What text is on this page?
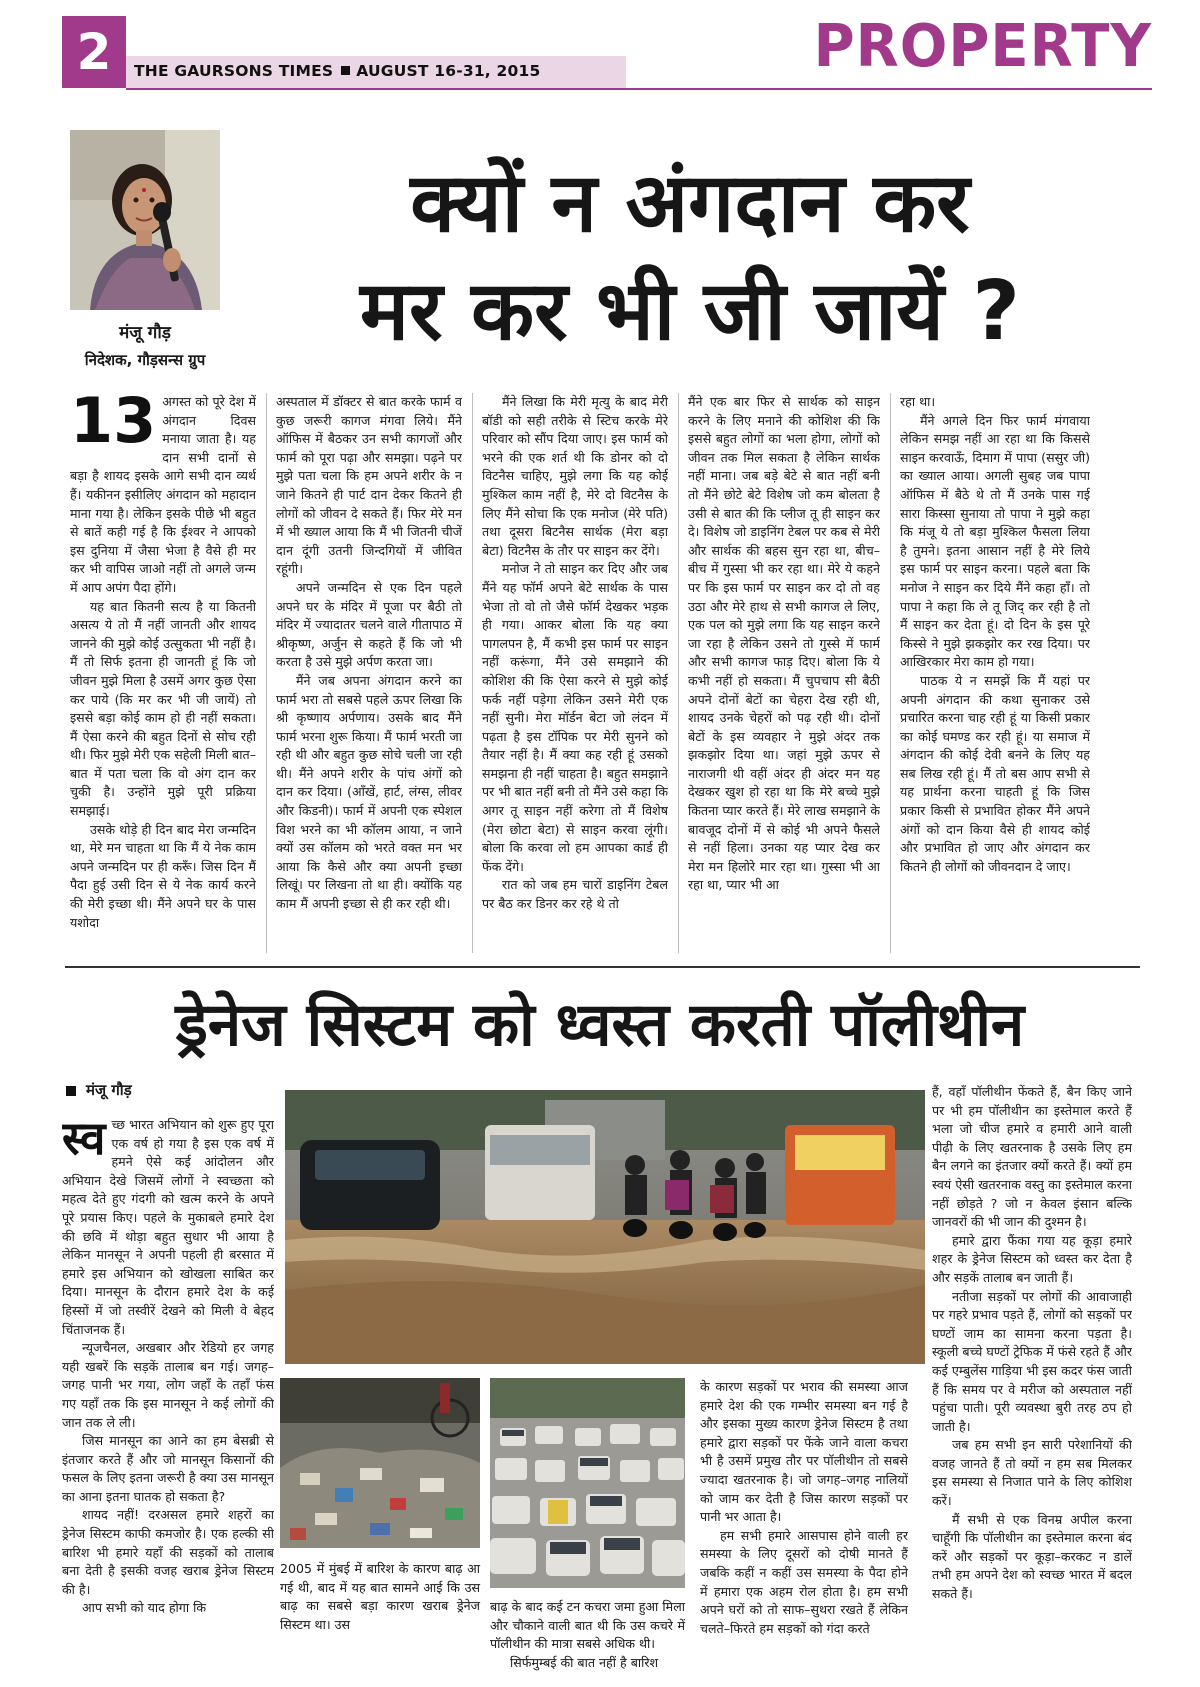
2	THE GAURSONS TIMES AUGUST 16-31, 2015	PROPERTY
मंजू गौड़
निदेशक, गौड़सन्स ग्रुप
क्यों न अंगदान कर
मर कर भी जी जायें ?

13 अगस्त को पूरे देश में अंगदान दिवस मनाया जाता है। यह दान सभी दानों से बड़ा है शायद इसके आगे सभी दान व्यर्थ हैं। यकीनन इसीलिए अंगदान को महादान माना गया है। लेकिन इसके पीछे भी बहुत से बातें कही गई है कि ईश्वर ने आपको इस दुनिया में जैसा भेजा है वैसे ही मर कर भी वापिस जाओ नहीं तो अगले जन्म में आप अपंग पैदा होंगे।

यह बात कितनी सत्य है या कितनी असत्य ये तो मैं नहीं जानती और शायद जानने की मुझे कोई उत्सुकता भी नहीं है। मैं तो सिर्फ इतना ही जानती हूं कि जो जीवन मुझे मिला है उसमें अगर कुछ ऐसा कर पाये (कि मर कर भी जी जायें) तो इससे बड़ा कोई काम हो ही नहीं सकता। मैं ऐसा करने की बहुत दिनों से सोच रही थी। फिर मुझे मेरी एक सहेली मिली बात–बात में पता चला कि वो अंग दान कर चुकी है। उन्होंने मुझे पूरी प्रक्रिया समझाई।

उसके थोड़े ही दिन बाद मेरा जन्मदिन था, मेरे मन चाहता था कि मैं ये नेक काम अपने जन्मदिन पर ही करूँ। जिस दिन मैं पैदा हुई उसी दिन से ये नेक कार्य करने की मेरी इच्छा थी। मैंने अपने घर के पास यशोदा

अस्पताल में डॉक्टर से बात करके फार्म व कुछ जरूरी कागज मंगवा लिये। मैंने ऑफिस में बैठकर उन सभी कागजों और फार्म को पूरा पढ़ा और समझा। पढ़ने पर मुझे पता चला कि हम अपने शरीर के न जाने कितने ही पार्ट दान देकर कितने ही लोगों को जीवन दे सकते हैं। फिर मेरे मन में भी ख्याल आया कि मैं भी जितनी चीजें दान दूंगी उतनी जिन्दगियों में जीवित रहूंगी।

अपने जन्मदिन से एक दिन पहले अपने घर के मंदिर में पूजा पर बैठी तो मंदिर में ज्यादातर चलने वाले गीतापाठ में श्रीकृष्ण, अर्जुन से कहते हैं कि जो भी करता है उसे मुझे अर्पण करता जा।

मैंने जब अपना अंगदान करने का फार्म भरा तो सबसे पहले ऊपर लिखा कि श्री कृष्णाय अर्पणाय। उसके बाद मैंने फार्म भरना शुरू किया। मैं फार्म भरती जा रही थी और बहुत कुछ सोचे चली जा रही थी। मैंने अपने शरीर के पांच अंगों को दान कर दिया। (आँखें, हार्ट, लंग्स, लीवर और किडनी)। फार्म में अपनी एक स्पेशल विश भरने का भी कॉलम आया, न जाने क्यों उस कॉलम को भरते वक्त मन भर आया कि कैसे और क्या अपनी इच्छा लिखूं। पर लिखना तो था ही। क्योंकि यह काम मैं अपनी इच्छा से ही कर रही थी।

मैंने लिखा कि मेरी मृत्यु के बाद मेरी बॉडी को सही तरीके से स्टिच करके मेरे परिवार को सौंप दिया जाए। इस फार्म को भरने की एक शर्त थी कि डोनर को दो विटनैस चाहिए, मुझे लगा कि यह कोई मुश्किल काम नहीं है, मेरे दो विटनैस के लिए मैंने सोचा कि एक मनोज (मेरे पति) तथा दूसरा बिटनैस सार्थक (मेरा बड़ा बेटा) विटनैस के तौर पर साइन कर देंगे।

मनोज ने तो साइन कर दिए और जब मैंने यह फॉर्म अपने बेटे सार्थक के पास भेजा तो वो तो जैसे फॉर्म देखकर भड़क ही गया। आकर बोला कि यह क्या पागलपन है, मैं कभी इस फार्म पर साइन नहीं करूंगा, मैंने उसे समझाने की कोशिश की कि ऐसा करने से मुझे कोई फर्क नहीं पड़ेगा लेकिन उसने मेरी एक नहीं सुनी। मेरा मॉर्डन बेटा जो लंदन में पढ़ता है इस टॉपिक पर मेरी सुनने को तैयार नहीं है। मैं क्या कह रही हूं उसको समझना ही नहीं चाहता है। बहुत समझाने पर भी बात नहीं बनी तो मैंने उसे कहा कि अगर तू साइन नहीं करेगा तो मैं विशेष (मेरा छोटा बेटा) से साइन करवा लूंगी। बोला कि करवा लो हम आपका कार्ड ही फेंक देंगे।

रात को जब हम चारों डाइनिंग टेबल पर बैठ कर डिनर कर रहे थे तो

मैंने एक बार फिर से सार्थक को साइन करने के लिए मनाने की कोशिश की कि इससे बहुत लोगों का भला होगा, लोगों को जीवन तक मिल सकता है लेकिन सार्थक नहीं माना। जब बड़े बेटे से बात नहीं बनी तो मैंने छोटे बेटे विशेष जो कम बोलता है उसी से बात की कि प्लीज तू ही साइन कर दे। विशेष जो डाइनिंग टेबल पर कब से मेरी और सार्थक की बहस सुन रहा था, बीच–बीच में गुस्सा भी कर रहा था। मेरे ये कहने पर कि इस फार्म पर साइन कर दो तो वह उठा और मेरे हाथ से सभी कागज ले लिए, एक पल को मुझे लगा कि यह साइन करने जा रहा है लेकिन उसने तो गुस्से में फार्म और सभी कागज फाड़ दिए। बोला कि ये कभी नहीं हो सकता। मैं चुपचाप सी बैठी अपने दोनों बेटों का चेहरा देख रही थी, शायद उनके चेहरों को पढ़ रही थी। दोनों बेटों के इस व्यवहार ने मुझे अंदर तक झकझोर दिया था। जहां मुझे ऊपर से नाराजगी थी वहीं अंदर ही अंदर मन यह देखकर खुश हो रहा था कि मेरे बच्चे मुझे कितना प्यार करते हैं। मेरे लाख समझाने के बावजूद दोनों में से कोई भी अपने फैसले से नहीं हिला। उनका यह प्यार देख कर मेरा मन हिलोरे मार रहा था। गुस्सा भी आ रहा था, प्यार भी आ

रहा था।

मैंने अगले दिन फिर फार्म मंगवाया लेकिन समझ नहीं आ रहा था कि किससे साइन करवाऊँ, दिमाग में पापा (ससुर जी) का ख्याल आया। अगली सुबह जब पापा ऑफिस में बैठे थे तो मैं उनके पास गई सारा किस्सा सुनाया तो पापा ने मुझे कहा कि मंजू ये तो बड़ा मुश्किल फैसला लिया है तुमने। इतना आसान नहीं है मेरे लिये इस फार्म पर साइन करना। पहले बता कि मनोज ने साइन कर दिये मैंने कहा हाँ। तो पापा ने कहा कि ले तू जिद् कर रही है तो मैं साइन कर देता हूं। दो दिन के इस पूरे किस्से ने मुझे झकझोर कर रख दिया। पर आखिरकार मेरा काम हो गया।

पाठक ये न समझें कि मैं यहां पर अपनी अंगदान की कथा सुनाकर उसे प्रचारित करना चाह रही हूं या किसी प्रकार का कोई घमण्ड कर रही हूं। या समाज में अंगदान की कोई देवी बनने के लिए यह सब लिख रही हूं। मैं तो बस आप सभी से यह प्रार्थना करना चाहती हूं कि जिस प्रकार किसी से प्रभावित होकर मैंने अपने अंगों को दान किया वैसे ही शायद कोई और प्रभावित हो जाए और अंगदान कर कितने ही लोगों को जीवनदान दे जाए।

ड्रेनेज सिस्टम को ध्वस्त करती पॉलीथीन
मंजू गौड़

स्व च्छ भारत अभियान को शुरू हुए पूरा एक वर्ष हो गया है इस एक वर्ष में हमने ऐसे कई आंदोलन और अभियान देखे जिसमें लोगों ने स्वच्छता को महत्व देते हुए गंदगी को खत्म करने के अपने पूरे प्रयास किए। पहले के मुकाबले हमारे देश की छवि में थोड़ा बहुत सुधार भी आया है लेकिन मानसून ने अपनी पहली ही बरसात में हमारे इस अभियान को खोखला साबित कर दिया। मानसून के दौरान हमारे देश के कई हिस्सों में जो तस्वीरें देखने को मिली वे बेहद चिंताजनक हैं।

न्यूजचैनल, अखबार और रेडियो हर जगह यही खबरें कि सड़कें तालाब बन गई। जगह–जगह पानी भर गया, लोग जहाँ के तहाँ फंस गए यहाँ तक कि इस मानसून ने कई लोगों की जान तक ले ली।

जिस मानसून का आने का हम बेसब्री से इंतजार करते हैं और जो मानसून किसानों की फसल के लिए इतना जरूरी है क्या उस मानसून का आना इतना घातक हो सकता है?

शायद नहीं! दरअसल हमारे शहरों का ड्रेनेज सिस्टम काफी कमजोर है। एक हल्की सी बारिश भी हमारे यहाँ की सड़कों को तालाब बना देती है इसकी वजह खराब ड्रेनेज सिस्टम की है।

आप सभी को याद होगा कि

2005 में मुंबई में बारिश के कारण बाढ़ आ गई थी, बाद में यह बात सामने आई कि उस बाढ़ का सबसे बड़ा कारण खराब ड्रेनेज सिस्टम था। उस
बाढ़ के बाद कई टन कचरा जमा हुआ मिला और चौकाने वाली बात थी कि उस कचरे में पॉलीथीन की मात्रा सबसे अधिक थी।
सिर्फमुम्बई की बात नहीं है बारिश

के कारण सड़कों पर भराव की समस्या आज हमारे देश की एक गम्भीर समस्या बन गई है और इसका मुख्य कारण ड्रेनेज सिस्टम है तथा हमारे द्वारा सड़कों पर फेंके जाने वाला कचरा भी है उसमें प्रमुख तौर पर पॉलीथीन तो सबसे ज्यादा खतरनाक है। जो जगह–जगह नालियों को जाम कर देती है जिस कारण सड़कों पर पानी भर आता है।

हम सभी हमारे आसपास होने वाली हर समस्या के लिए दूसरों को दोषी मानते हैं जबकि कहीं न कहीं उस समस्या के पैदा होने में हमारा एक अहम रोल होता है। हम सभी अपने घरों को तो साफ–सुथरा रखते हैं लेकिन चलते–फिरते हम सड़कों को गंदा करते

हैं, वहाँ पॉलीथीन फेंकते हैं, बैन किए जाने पर भी हम पॉलीथीन का इस्तेमाल करते हैं भला जो चीज हमारे व हमारी आने वाली पीढ़ी के लिए खतरनाक है उसके लिए हम बैन लगने का इंतजार क्यों करते हैं। क्यों हम स्वयं ऐसी खतरनाक वस्तु का इस्तेमाल करना नहीं छोड़ते ? जो न केवल इंसान बल्कि जानवरों की भी जान की दुश्मन है।

हमारे द्वारा फैंका गया यह कूड़ा हमारे शहर के ड्रेनेज सिस्टम को ध्वस्त कर देता है और सड़कें तालाब बन जाती हैं।

नतीजा सड़कों पर लोगों की आवाजाही पर गहरे प्रभाव पड़ते हैं, लोगों को सड़कों पर घण्टों जाम का सामना करना पड़ता है। स्कूली बच्चे घण्टों ट्रेफिक में फंसे रहते हैं और कई एम्बुलेंस गाड़िया भी इस कदर फंस जाती हैं कि समय पर वे मरीज को अस्पताल नहीं पहुंचा पाती। पूरी व्यवस्था बुरी तरह ठप हो जाती है।

जब हम सभी इन सारी परेशानियों की वजह जानते हैं तो क्यों न हम सब मिलकर इस समस्या से निजात पाने के लिए कोशिश करें।

मैं सभी से एक विनम्र अपील करना चाहूँगी कि पॉलीथीन का इस्तेमाल करना बंद करें और सड़कों पर कूड़ा–करकट न डालें तभी हम अपने देश को स्वच्छ भारत में बदल सकते हैं।
